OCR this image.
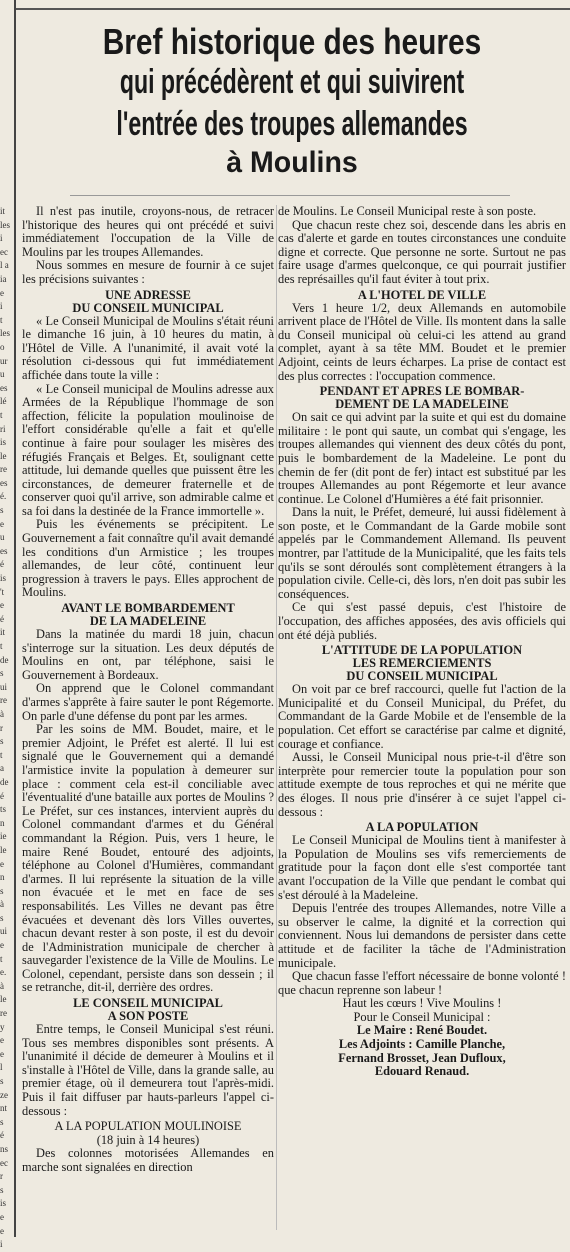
it
les
i
ec
l a
ia
e
i
t
les
o
ur
u
es
lé
t
ri
is
le
re
es
é.
s
e
u
es
é
is
't
e
é
it
t
de
s
ui
re
à
r
s
t
a
de
é
ts
n
ie
le
e
n
s
à
s
ui
e
t
e.
à
le
re
y
e
e
l
s
ze
nt
s
é
ns
ec
r
s
is
e
e
i
Bref historique des heures
qui précédèrent et qui suivirent
l'entrée des troupes allemandes
à Moulins

Il n'est pas inutile, croyons-nous, de retracer l'historique des heures qui ont précédé et suivi immédiatement l'occupation de la Ville de Moulins par les troupes Allemandes.

Nous sommes en mesure de fournir à ce sujet les précisions suivantes :

UNE ADRESSE
DU CONSEIL MUNICIPAL

« Le Conseil Municipal de Moulins s'était réuni le dimanche 16 juin, à 10 heures du matin, à l'Hôtel de Ville. A l'unanimité, il avait voté la résolution ci-dessous qui fut immédiatement affichée dans toute la ville :

« Le Conseil municipal de Moulins adresse aux Armées de la République l'hommage de son affection, félicite la population moulinoise de l'effort considérable qu'elle a fait et qu'elle continue à faire pour soulager les misères des réfugiés Français et Belges. Et, soulignant cette attitude, lui demande quelles que puissent être les circonstances, de demeurer fraternelle et de conserver quoi qu'il arrive, son admirable calme et sa foi dans la destinée de la France immortelle ».

Puis les événements se précipitent. Le Gouvernement a fait connaître qu'il avait demandé les conditions d'un Armistice ; les troupes allemandes, de leur côté, continuent leur progression à travers le pays. Elles approchent de Moulins.

AVANT LE BOMBARDEMENT
DE LA MADELEINE

Dans la matinée du mardi 18 juin, chacun s'interroge sur la situation. Les deux députés de Moulins en ont, par téléphone, saisi le Gouvernement à Bordeaux.

On apprend que le Colonel commandant d'armes s'apprête à faire sauter le pont Régemorte. On parle d'une défense du pont par les armes.

Par les soins de MM. Boudet, maire, et le premier Adjoint, le Préfet est alerté. Il lui est signalé que le Gouvernement qui a demandé l'armistice invite la population à demeurer sur place : comment cela est-il conciliable avec l'éventualité d'une bataille aux portes de Moulins ? Le Préfet, sur ces instances, intervient auprès du Colonel commandant d'armes et du Général commandant la Région. Puis, vers 1 heure, le maire René Boudet, entouré des adjoints, téléphone au Colonel d'Humières, commandant d'armes. Il lui représente la situation de la ville non évacuée et le met en face de ses responsabilités. Les Villes ne devant pas être évacuées et devenant dès lors Villes ouvertes, chacun devant rester à son poste, il est du devoir de l'Administration municipale de chercher à sauvegarder l'existence de la Ville de Moulins. Le Colonel, cependant, persiste dans son dessein ; il se retranche, dit-il, derrière des ordres.

LE CONSEIL MUNICIPAL
A SON POSTE

Entre temps, le Conseil Municipal s'est réuni. Tous ses membres disponibles sont présents. A l'unanimité il décide de demeurer à Moulins et il s'installe à l'Hôtel de Ville, dans la grande salle, au premier étage, où il demeurera tout l'après-midi. Puis il fait diffuser par hauts-parleurs l'appel ci-dessous :

A LA POPULATION MOULINOISE
(18 juin à 14 heures)

Des colonnes motorisées Allemandes en marche sont signalées en direction

de Moulins. Le Conseil Municipal reste à son poste.

Que chacun reste chez soi, descende dans les abris en cas d'alerte et garde en toutes circonstances une conduite digne et correcte. Que personne ne sorte. Surtout ne pas faire usage d'armes quelconque, ce qui pourrait justifier des représailles qu'il faut éviter à tout prix.

A L'HOTEL DE VILLE

Vers 1 heure 1/2, deux Allemands en automobile arrivent place de l'Hôtel de Ville. Ils montent dans la salle du Conseil municipal où celui-ci les attend au grand complet, ayant à sa tête MM. Boudet et le premier Adjoint, ceints de leurs écharpes. La prise de contact est des plus correctes : l'occupation commence.

PENDANT ET APRES LE BOMBAR-
DEMENT DE LA MADELEINE

On sait ce qui advint par la suite et qui est du domaine militaire : le pont qui saute, un combat qui s'engage, les troupes allemandes qui viennent des deux côtés du pont, puis le bombardement de la Madeleine. Le pont du chemin de fer (dit pont de fer) intact est substitué par les troupes Allemandes au pont Régemorte et leur avance continue. Le Colonel d'Humières a été fait prisonnier.

Dans la nuit, le Préfet, demeuré, lui aussi fidèlement à son poste, et le Commandant de la Garde mobile sont appelés par le Commandement Allemand. Ils peuvent montrer, par l'attitude de la Municipalité, que les faits tels qu'ils se sont déroulés sont complètement étrangers à la population civile. Celle-ci, dès lors, n'en doit pas subir les conséquences.

Ce qui s'est passé depuis, c'est l'histoire de l'occupation, des affiches apposées, des avis officiels qui ont été déjà publiés.

L'ATTITUDE DE LA POPULATION
LES REMERCIEMENTS
DU CONSEIL MUNICIPAL

On voit par ce bref raccourci, quelle fut l'action de la Municipalité et du Conseil Municipal, du Préfet, du Commandant de la Garde Mobile et de l'ensemble de la population. Cet effort se caractérise par calme et dignité, courage et confiance.

Aussi, le Conseil Municipal nous prie-t-il d'être son interprète pour remercier toute la population pour son attitude exempte de tous reproches et qui ne mérite que des éloges. Il nous prie d'insérer à ce sujet l'appel ci-dessous :

A LA POPULATION

Le Conseil Municipal de Moulins tient à manifester à la Population de Moulins ses vifs remerciements de gratitude pour la façon dont elle s'est comportée tant avant l'occupation de la Ville que pendant le combat qui s'est déroulé à la Madeleine.

Depuis l'entrée des troupes Allemandes, notre Ville a su observer le calme, la dignité et la correction qui conviennent. Nous lui demandons de persister dans cette attitude et de faciliter la tâche de l'Administration municipale.

Que chacun fasse l'effort nécessaire de bonne volonté ! que chacun reprenne son labeur !

Haut les cœurs ! Vive Moulins !
Pour le Conseil Municipal :
Le Maire : René Boudet.
Les Adjoints : Camille Planche,
Fernand Brosset, Jean Dufloux,
Edouard Renaud.
